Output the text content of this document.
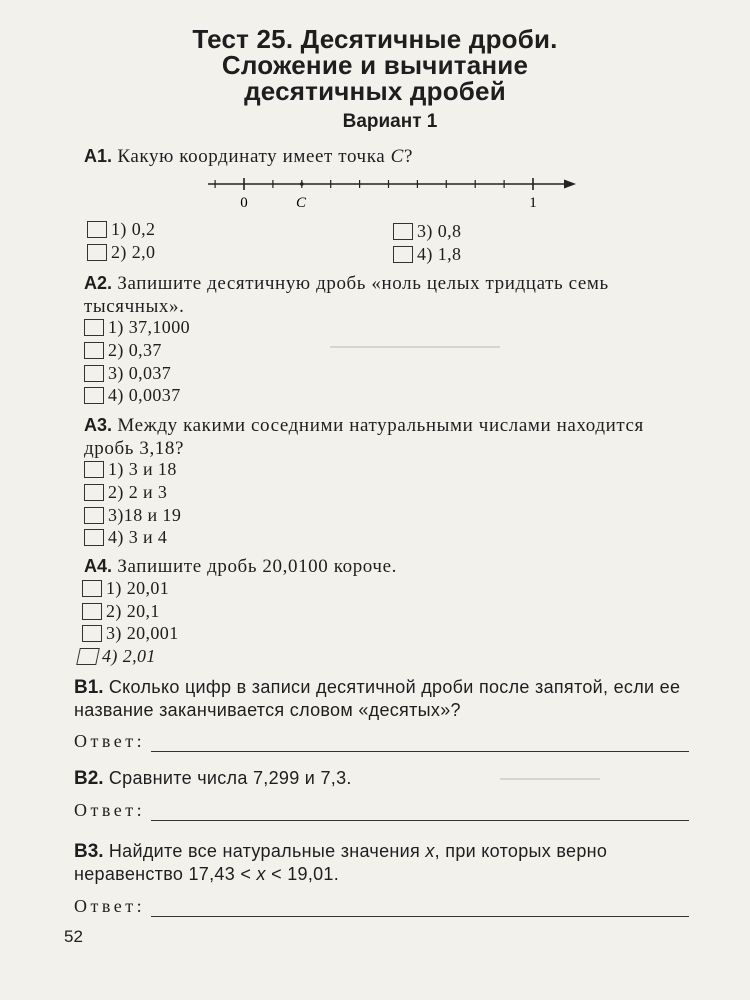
Тест 25. Десятичные дроби.
Сложение и вычитание
десятичных дробей
Вариант 1
А1. Какую координату имеет точка C?
0	C	1
1) 0,2
2) 2,0
3) 0,8
4) 1,8
А2. Запишите десятичную дробь «ноль целых тридцать семь тысячных».
1) 37,1000
2) 0,37
3) 0,037
4) 0,0037
А3. Между какими соседними натуральными числами находится дробь 3,18?
1) 3 и 18
2) 2 и 3
3)18 и 19
4) 3 и 4
А4. Запишите дробь 20,0100 короче.
1) 20,01
2) 20,1
3) 20,001
4) 2,01
В1. Сколько цифр в записи десятичной дроби после запятой, если ее название заканчивается словом «десятых»?
Ответ:
В2. Сравните числа 7,299 и 7,3.
Ответ:
В3. Найдите все натуральные значения x, при которых верно неравенство 17,43 < x < 19,01.
Ответ:
52
